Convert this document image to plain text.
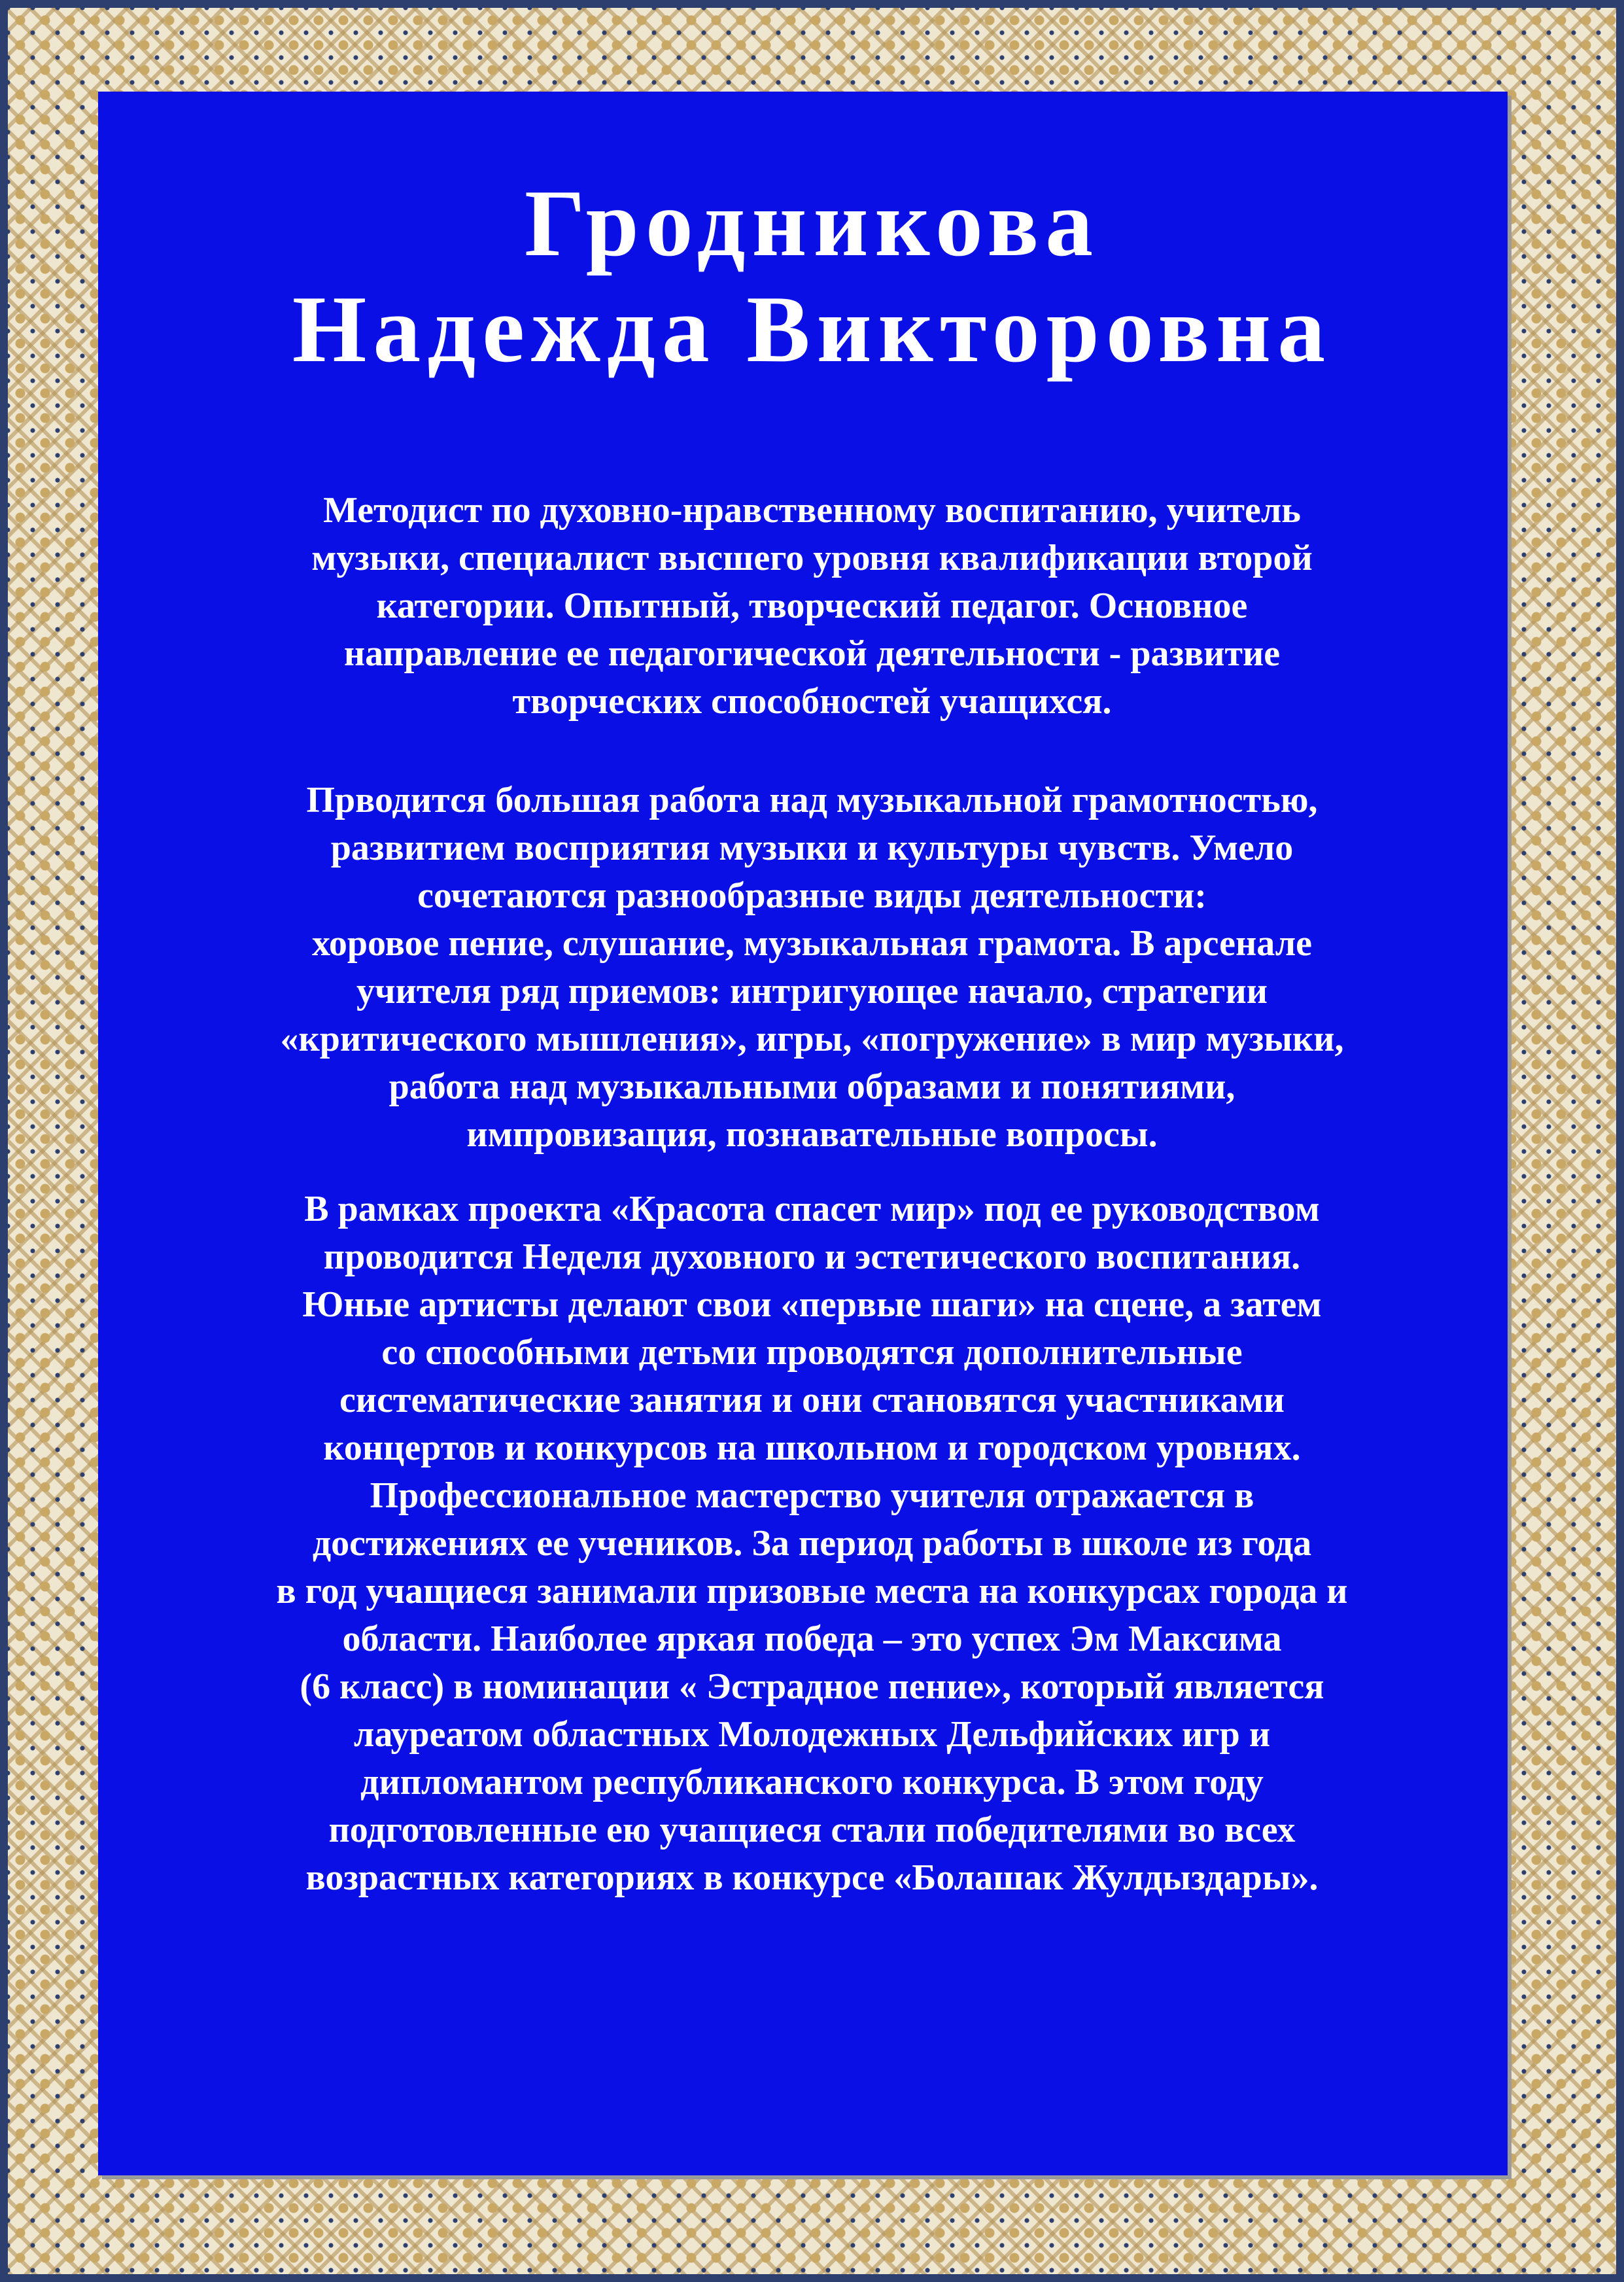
Гродникова
Надежда Викторовна
Методист по духовно-нравственному воспитанию, учитель
музыки, специалист высшего уровня квалификации второй
категории. Опытный, творческий педагог. Основное
направление ее педагогической деятельности - развитие
творческих способностей учащихся.
Прводится большая работа над музыкальной грамотностью,
развитием восприятия музыки и культуры чувств. Умело
сочетаются разнообразные виды деятельности:
хоровое пение, слушание, музыкальная грамота. В арсенале
учителя ряд приемов: интригующее начало, стратегии
«критического мышления», игры, «погружение» в мир музыки,
работа над музыкальными образами и понятиями,
импровизация, познавательные вопросы.
В рамках проекта «Красота спасет мир» под ее руководством
проводится Неделя духовного и эстетического воспитания.
Юные артисты делают свои «первые шаги» на сцене, а затем
со способными детьми проводятся дополнительные
систематические занятия и они становятся участниками
концертов и конкурсов на школьном и городском уровнях.
Профессиональное мастерство учителя отражается в
достижениях ее учеников. За период работы в школе из года
в год учащиеся занимали призовые места на конкурсах города и
области. Наиболее яркая победа – это успех Эм Максима
(6 класс) в номинации « Эстрадное пение», который является
лауреатом областных Молодежных Дельфийских игр и
дипломантом республиканского конкурса. В этом году
подготовленные ею учащиеся стали победителями во всех
возрастных категориях в конкурсе «Болашак Жулдыздары».
